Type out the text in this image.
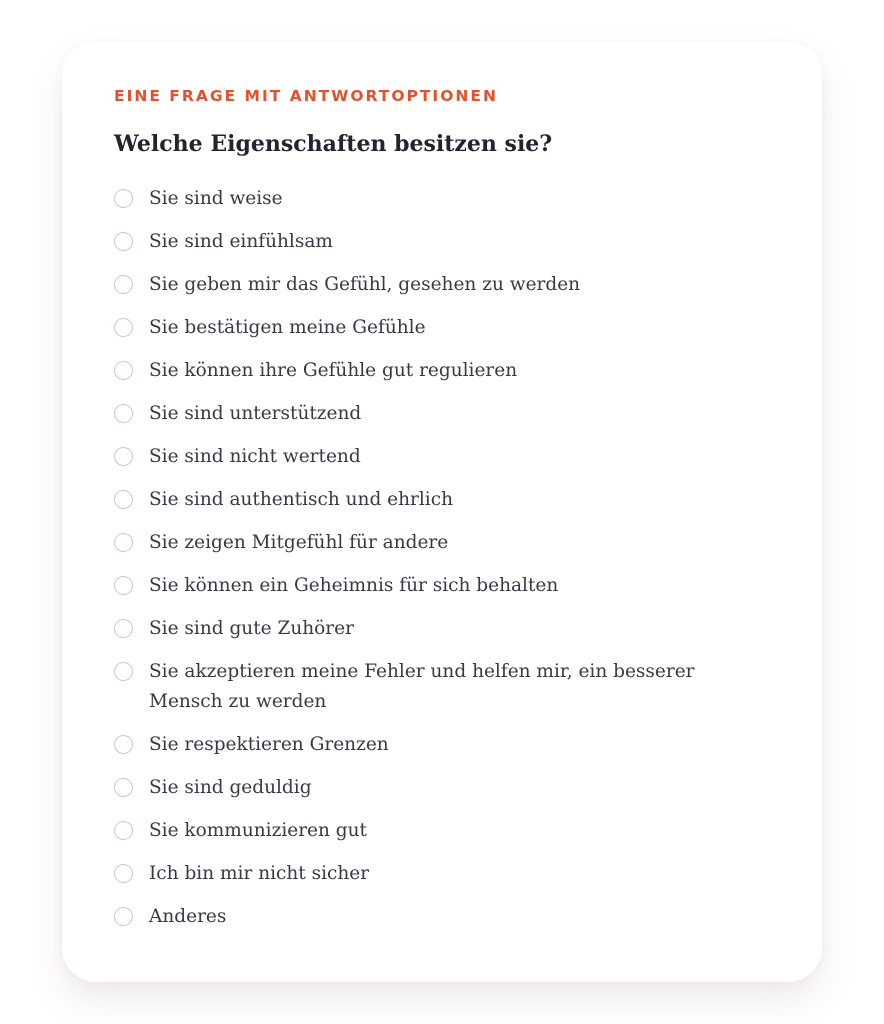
EINE FRAGE MIT ANTWORTOPTIONEN

Welche Eigenschaften besitzen sie?
Sie sind weise
Sie sind einfühlsam
Sie geben mir das Gefühl, gesehen zu werden
Sie bestätigen meine Gefühle
Sie können ihre Gefühle gut regulieren
Sie sind unterstützend
Sie sind nicht wertend
Sie sind authentisch und ehrlich
Sie zeigen Mitgefühl für andere
Sie können ein Geheimnis für sich behalten
Sie sind gute Zuhörer
Sie akzeptieren meine Fehler und helfen mir, ein besserer Mensch zu werden
Sie respektieren Grenzen
Sie sind geduldig
Sie kommunizieren gut
Ich bin mir nicht sicher
Anderes
